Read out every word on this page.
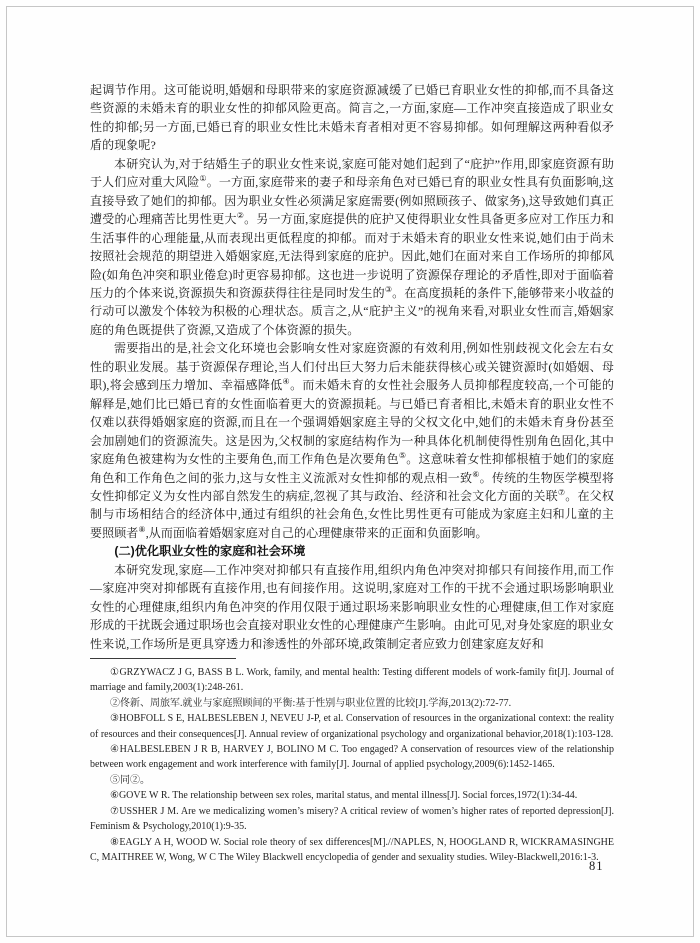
起调节作用。这可能说明,婚姻和母职带来的家庭资源减缓了已婚已育职业女性的抑郁,而不具备这些资源的未婚未育的职业女性的抑郁风险更高。简言之,一方面,家庭—工作冲突直接造成了职业女性的抑郁;另一方面,已婚已育的职业女性比未婚未育者相对更不容易抑郁。如何理解这两种看似矛盾的现象呢?

本研究认为,对于结婚生子的职业女性来说,家庭可能对她们起到了“庇护”作用,即家庭资源有助于人们应对重大风险①。一方面,家庭带来的妻子和母亲角色对已婚已育的职业女性具有负面影响,这直接导致了她们的抑郁。因为职业女性必须满足家庭需要(例如照顾孩子、做家务),这导致她们真正遭受的心理痛苦比男性更大②。另一方面,家庭提供的庇护又使得职业女性具备更多应对工作压力和生活事件的心理能量,从而表现出更低程度的抑郁。而对于未婚未育的职业女性来说,她们由于尚未按照社会规范的期望进入婚姻家庭,无法得到家庭的庇护。因此,她们在面对来自工作场所的抑郁风险(如角色冲突和职业倦怠)时更容易抑郁。这也进一步说明了资源保存理论的矛盾性,即对于面临着压力的个体来说,资源损失和资源获得往往是同时发生的③。在高度损耗的条件下,能够带来小收益的行动可以激发个体较为积极的心理状态。质言之,从“庇护主义”的视角来看,对职业女性而言,婚姻家庭的角色既提供了资源,又造成了个体资源的损失。

需要指出的是,社会文化环境也会影响女性对家庭资源的有效利用,例如性别歧视文化会左右女性的职业发展。基于资源保存理论,当人们付出巨大努力后未能获得核心或关键资源时(如婚姻、母职),将会感到压力增加、幸福感降低④。而未婚未育的女性社会服务人员抑郁程度较高,一个可能的解释是,她们比已婚已育的女性面临着更大的资源损耗。与已婚已育者相比,未婚未育的职业女性不仅难以获得婚姻家庭的资源,而且在一个强调婚姻家庭主导的父权文化中,她们的未婚未育身份甚至会加剧她们的资源流失。这是因为,父权制的家庭结构作为一种具体化机制使得性别角色固化,其中家庭角色被建构为女性的主要角色,而工作角色是次要角色⑤。这意味着女性抑郁根植于她们的家庭角色和工作角色之间的张力,这与女性主义流派对女性抑郁的观点相一致⑥。传统的生物医学模型将女性抑郁定义为女性内部自然发生的病症,忽视了其与政治、经济和社会文化方面的关联⑦。在父权制与市场相结合的经济体中,通过有组织的社会角色,女性比男性更有可能成为家庭主妇和儿童的主要照顾者⑧,从而面临着婚姻家庭对自己的心理健康带来的正面和负面影响。

(二)优化职业女性的家庭和社会环境

本研究发现,家庭—工作冲突对抑郁只有直接作用,组织内角色冲突对抑郁只有间接作用,而工作—家庭冲突对抑郁既有直接作用,也有间接作用。这说明,家庭对工作的干扰不会通过职场影响职业女性的心理健康,组织内角色冲突的作用仅限于通过职场来影响职业女性的心理健康,但工作对家庭形成的干扰既会通过职场也会直接对职业女性的心理健康产生影响。由此可见,对身处家庭的职业女性来说,工作场所是更具穿透力和渗透性的外部环境,政策制定者应致力创建家庭友好和

①GRZYWACZ J G, BASS B L. Work, family, and mental health: Testing different models of work-family fit[J]. Journal of marriage and family,2003(1):248-261.

②佟新、周旅军.就业与家庭照顾间的平衡:基于性别与职业位置的比较[J].学海,2013(2):72-77.

③HOBFOLL S E, HALBESLEBEN J, NEVEU J-P, et al. Conservation of resources in the organizational context: the reality of resources and their consequences[J]. Annual review of organizational psychology and organizational behavior,2018(1):103-128.

④HALBESLEBEN J R B, HARVEY J, BOLINO M C. Too engaged? A conservation of resources view of the relationship between work engagement and work interference with family[J]. Journal of applied psychology,2009(6):1452-1465.

⑤同②。

⑥GOVE W R. The relationship between sex roles, marital status, and mental illness[J]. Social forces,1972(1):34-44.

⑦USSHER J M. Are we medicalizing women’s misery? A critical review of women’s higher rates of reported depression[J]. Feminism & Psychology,2010(1):9-35.

⑧EAGLY A H, WOOD W. Social role theory of sex differences[M].//NAPLES, N, HOOGLAND R, WICKRAMASINGHE C, MAITHREE W, Wong, W C The Wiley Blackwell encyclopedia of gender and sexuality studies. Wiley-Blackwell,2016:1-3.

81
